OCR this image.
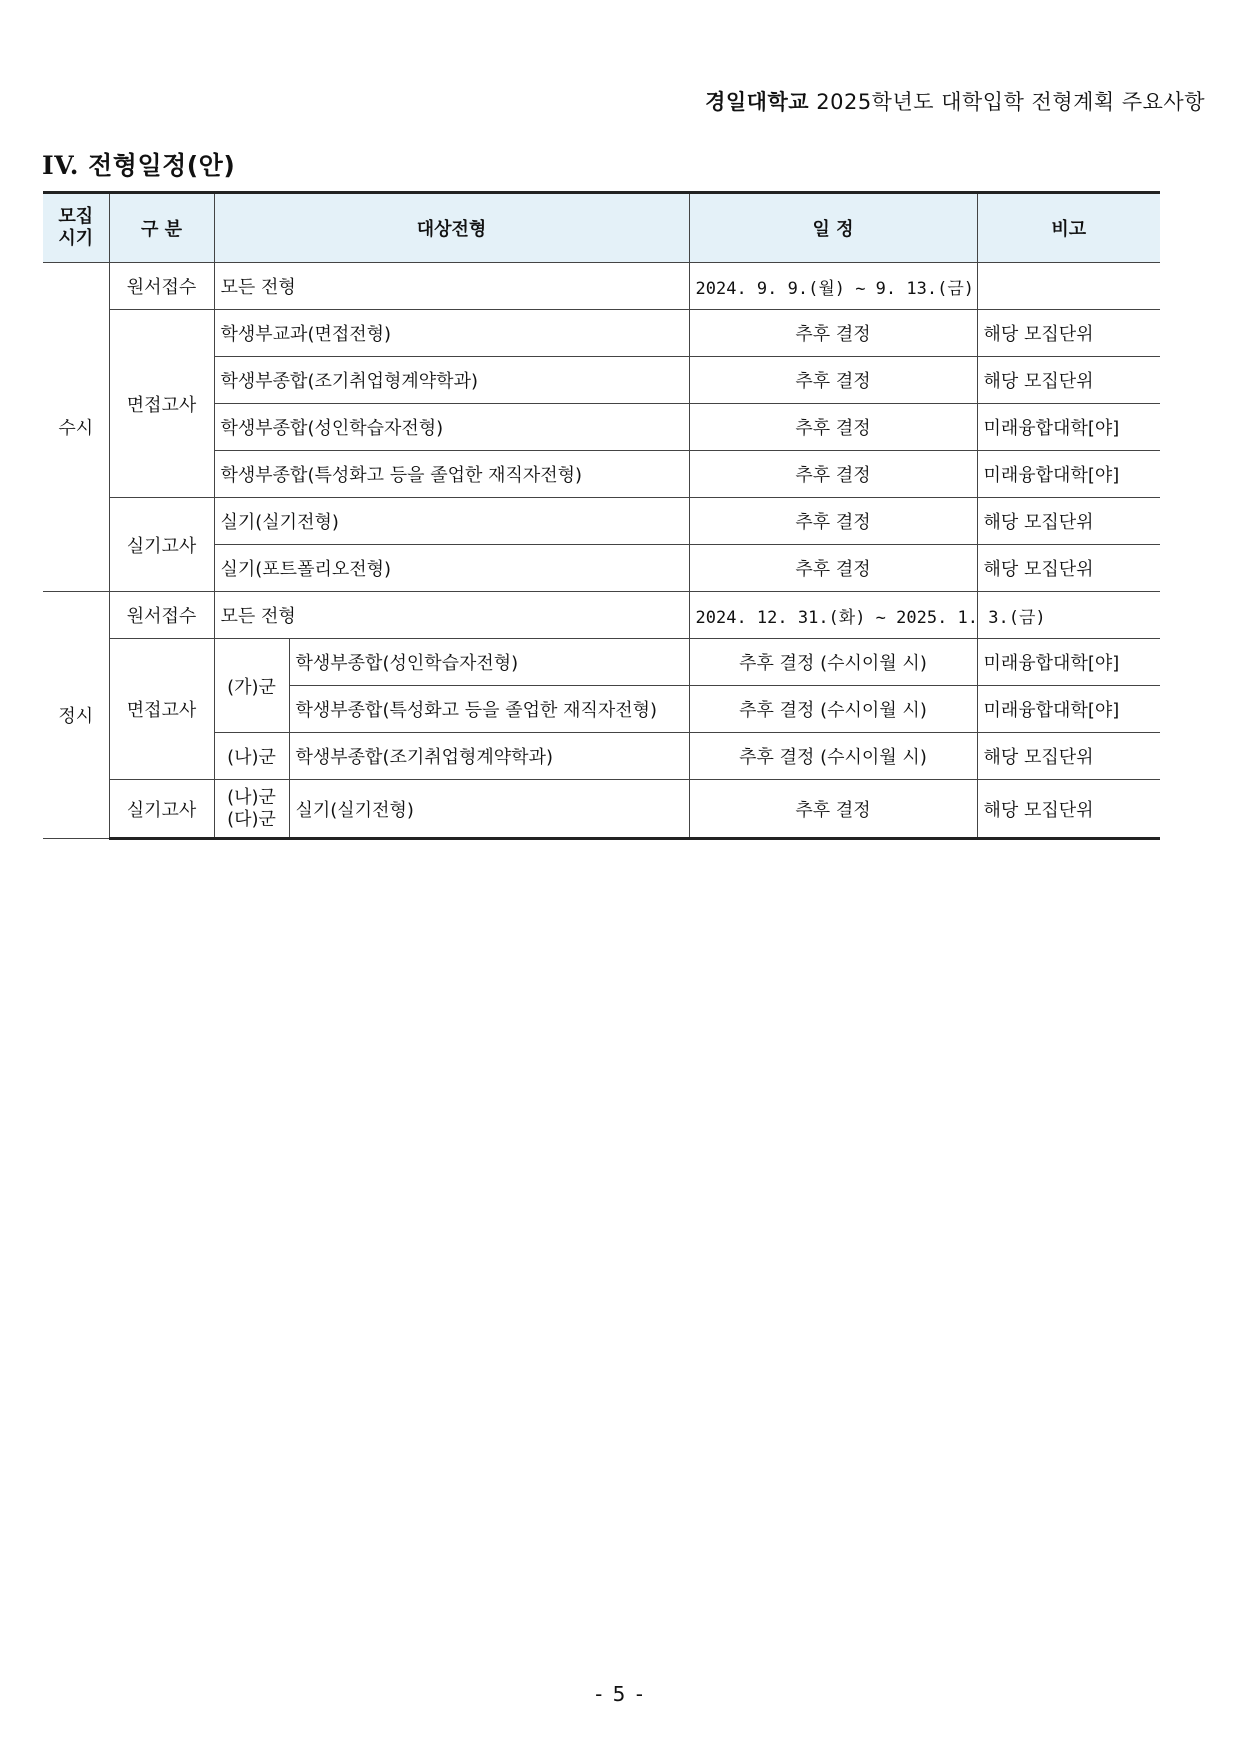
경일대학교 2025학년도 대학입학 전형계획 주요사항
IV. 전형일정(안)
모집
시기	구 분	대상전형		일 정	비고
수시	원서접수	모든 전형		2024. 9. 9.(월) ~ 9. 13.(금)	
	면접고사	학생부교과(면접전형)		추후 결정	해당 모집단위
		학생부종합(조기취업형계약학과)		추후 결정	해당 모집단위
		학생부종합(성인학습자전형)		추후 결정	미래융합대학[야]
		학생부종합(특성화고 등을 졸업한 재직자전형)		추후 결정	미래융합대학[야]
	실기고사	실기(실기전형)		추후 결정	해당 모집단위
		실기(포트폴리오전형)		추후 결정	해당 모집단위
정시	원서접수	모든 전형		2024. 12. 31.(화) ~ 2025. 1. 3.(금)	
	면접고사	(가)군	학생부종합(성인학습자전형)	추후 결정 (수시이월 시)	미래융합대학[야]
			학생부종합(특성화고 등을 졸업한 재직자전형)	추후 결정 (수시이월 시)	미래융합대학[야]
		(나)군	학생부종합(조기취업형계약학과)	추후 결정 (수시이월 시)	해당 모집단위
	실기고사	(나)군
(다)군	실기(실기전형)	추후 결정	해당 모집단위
- 5 -
